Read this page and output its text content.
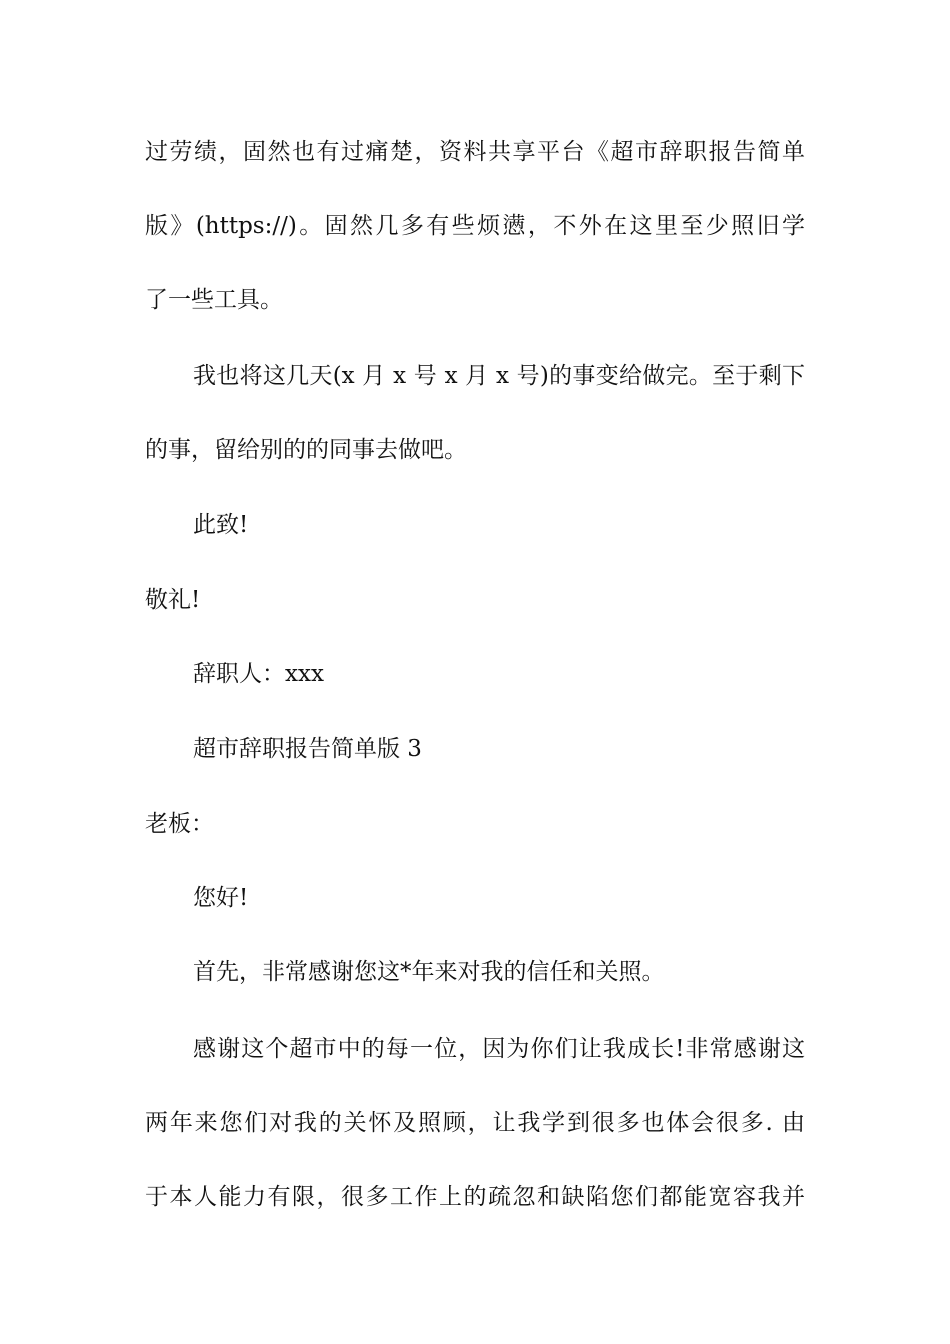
过劳绩，固然也有过痛楚，资料共享平台《超市辞职报告简单
版》(https://)。固然几多有些烦懑，不外在这里至少照旧学
了一些工具。
我也将这几天(x 月 x 号 x 月 x 号)的事变给做完。至于剩下
的事，留给别的的同事去做吧。
此致!
敬礼!
辞职人：xxx
超市辞职报告简单版 3
老板：
您好!
首先，非常感谢您这*年来对我的信任和关照。
感谢这个超市中的每一位，因为你们让我成长!非常感谢这
两年来您们对我的关怀及照顾，让我学到很多也体会很多. 由
于本人能力有限，很多工作上的疏忽和缺陷您们都能宽容我并
